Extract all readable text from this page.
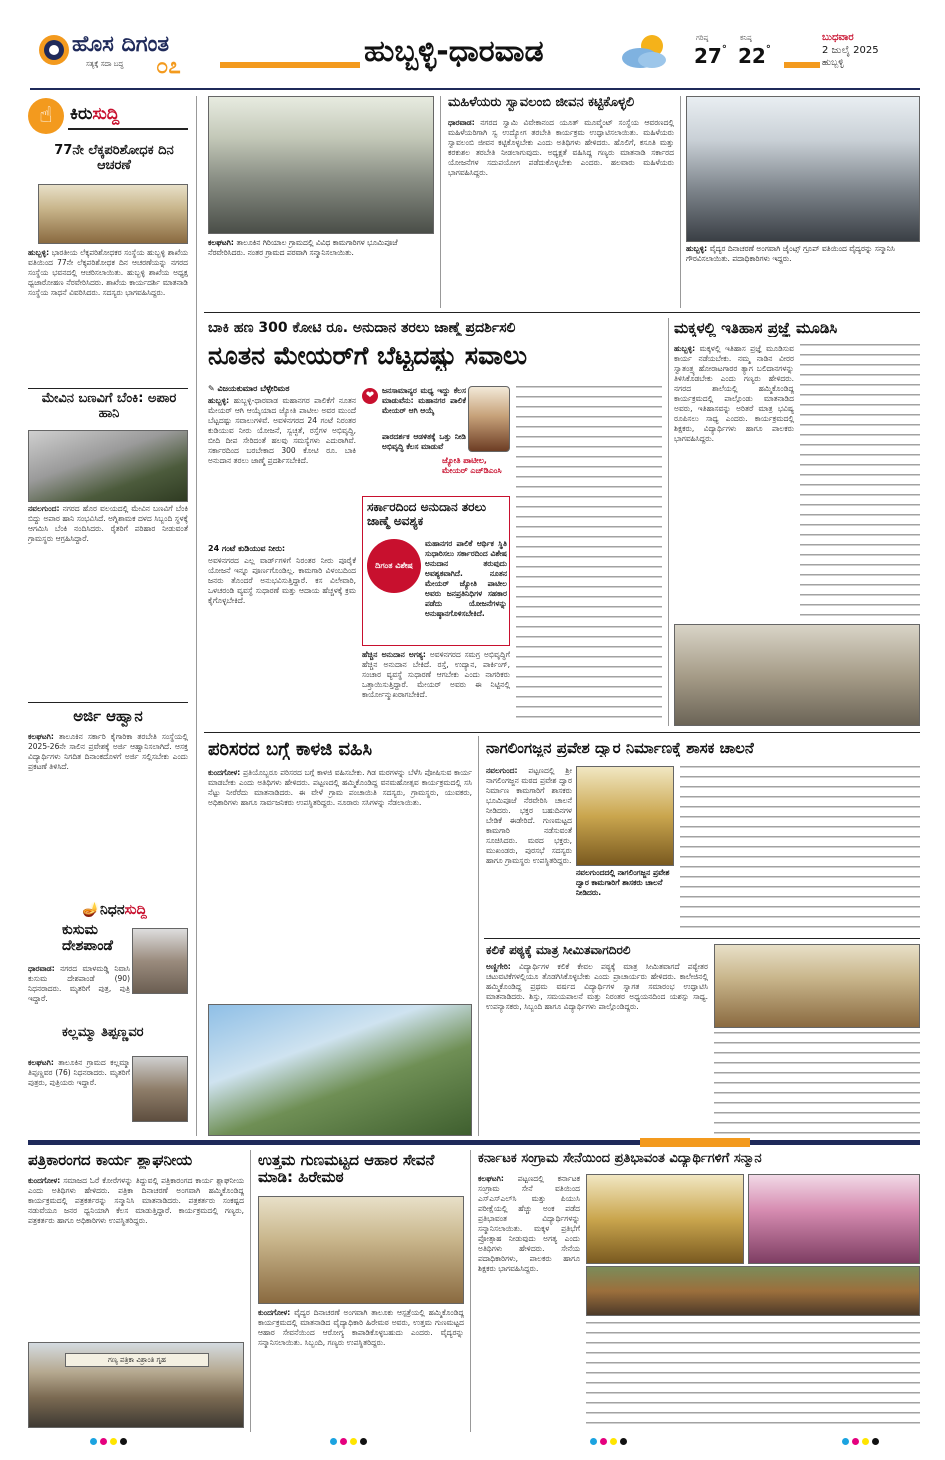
ಹೊಸ ದಿಗಂತ
ಸತ್ಯಕ್ಕೆ ಸದಾ ಬದ್ಧ ೦೭	ಹುಬ್ಬಳ್ಳಿ-ಧಾರವಾಡ	ಗರಿಷ್ಠ
27°
ಕನಿಷ್ಠ
22°
ಬುಧವಾರ
2 ಜುಲೈ 2025
ಹುಬ್ಬಳ್ಳಿ
☝	ಕಿರುಸುದ್ದಿ
77ನೇ ಲೆಕ್ಕಪರಿಶೋಧಕ ದಿನ ಆಚರಣೆ
ಹುಬ್ಬಳ್ಳಿ: ಭಾರತೀಯ ಲೆಕ್ಕಪರಿಶೋಧಕರ ಸಂಸ್ಥೆಯ ಹುಬ್ಬಳ್ಳಿ ಶಾಖೆಯ ವತಿಯಿಂದ 77ನೇ ಲೆಕ್ಕಪರಿಶೋಧಕ ದಿನ ಆಚರಣೆಯನ್ನು ನಗರದ ಸಂಸ್ಥೆಯ ಭವನದಲ್ಲಿ ಆಚರಿಸಲಾಯಿತು. ಹುಬ್ಬಳ್ಳಿ ಶಾಖೆಯ ಅಧ್ಯಕ್ಷ ಧ್ವಜಾರೋಹಣ ನೆರವೇರಿಸಿದರು. ಶಾಖೆಯ ಕಾರ್ಯದರ್ಶಿ ಮಾತನಾಡಿ ಸಂಸ್ಥೆಯ ಸಾಧನೆ ವಿವರಿಸಿದರು. ಸದಸ್ಯರು ಭಾಗವಹಿಸಿದ್ದರು.
ಮೇವಿನ ಬಣವಿಗೆ ಬೆಂಕಿ: ಅಪಾರ ಹಾನಿ
ನವಲಗುಂದ: ನಗರದ ಹೊರ ವಲಯದಲ್ಲಿ ಮೇವಿನ ಬಣವಿಗೆ ಬೆಂಕಿ ಬಿದ್ದು ಅಪಾರ ಹಾನಿ ಸಂಭವಿಸಿದೆ. ಅಗ್ನಿಶಾಮಕ ದಳದ ಸಿಬ್ಬಂದಿ ಸ್ಥಳಕ್ಕೆ ಆಗಮಿಸಿ ಬೆಂಕಿ ನಂದಿಸಿದರು. ರೈತರಿಗೆ ಪರಿಹಾರ ನೀಡುವಂತೆ ಗ್ರಾಮಸ್ಥರು ಆಗ್ರಹಿಸಿದ್ದಾರೆ.
ಅರ್ಜಿ ಆಹ್ವಾನ
ಕಲಘಟಗಿ: ತಾಲೂಕಿನ ಸರ್ಕಾರಿ ಕೈಗಾರಿಕಾ ತರಬೇತಿ ಸಂಸ್ಥೆಯಲ್ಲಿ 2025-26ನೇ ಸಾಲಿನ ಪ್ರವೇಶಕ್ಕೆ ಅರ್ಜಿ ಆಹ್ವಾನಿಸಲಾಗಿದೆ. ಆಸಕ್ತ ವಿದ್ಯಾರ್ಥಿಗಳು ನಿಗದಿತ ದಿನಾಂಕದೊಳಗೆ ಅರ್ಜಿ ಸಲ್ಲಿಸಬೇಕು ಎಂದು ಪ್ರಕಟಣೆ ತಿಳಿಸಿದೆ.
🪔 ನಿಧನಸುದ್ದಿ
ಕುಸುಮ ದೇಶಪಾಂಡೆ
ಧಾರವಾಡ: ನಗರದ ಮಾಳಮಡ್ಡಿ ನಿವಾಸಿ ಕುಸುಮ ದೇಶಪಾಂಡೆ (90) ನಿಧನರಾದರು. ಮೃತರಿಗೆ ಪುತ್ರ, ಪುತ್ರಿ ಇದ್ದಾರೆ.
ಕಲ್ಲಮ್ಮಾ ತಿಪ್ಪಣ್ಣವರ
ಕಲಘಟಗಿ: ತಾಲೂಕಿನ ಗ್ರಾಮದ ಕಲ್ಲಮ್ಮಾ ತಿಪ್ಪಣ್ಣವರ (76) ನಿಧನರಾದರು. ಮೃತರಿಗೆ ಪುತ್ರರು, ಪುತ್ರಿಯರು ಇದ್ದಾರೆ.
ಕಲಘಟಗಿ: ತಾಲೂಕಿನ ಗಿರಿಯಾಲ ಗ್ರಾಮದಲ್ಲಿ ವಿವಿಧ ಕಾಮಗಾರಿಗಳ ಭೂಮಿಪೂಜೆ ನೆರವೇರಿಸಿದರು. ನಂತರ ಗ್ರಾಮದ ಪರವಾಗಿ ಸನ್ಮಾನಿಸಲಾಯಿತು.
ಮಹಿಳೆಯರು ಸ್ವಾವಲಂಬಿ ಜೀವನ ಕಟ್ಟಿಕೊಳ್ಳಲಿ
ಧಾರವಾಡ: ನಗರದ ಸ್ವಾಮಿ ವಿವೇಕಾನಂದ ಯೂತ್ ಮೂವ್ಮೆಂಟ್ ಸಂಸ್ಥೆಯ ಆವರಣದಲ್ಲಿ ಮಹಿಳೆಯರಿಗಾಗಿ ಸ್ವ ಉದ್ಯೋಗ ತರಬೇತಿ ಕಾರ್ಯಕ್ರಮ ಉದ್ಘಾಟಿಸಲಾಯಿತು. ಮಹಿಳೆಯರು ಸ್ವಾವಲಂಬಿ ಜೀವನ ಕಟ್ಟಿಕೊಳ್ಳಬೇಕು ಎಂದು ಅತಿಥಿಗಳು ಹೇಳಿದರು. ಹೊಲಿಗೆ, ಕಸೂತಿ ಮತ್ತು ಕರಕುಶಲ ತರಬೇತಿ ನೀಡಲಾಗುವುದು. ಅಧ್ಯಕ್ಷತೆ ವಹಿಸಿದ್ದ ಗಣ್ಯರು ಮಾತನಾಡಿ ಸರ್ಕಾರದ ಯೋಜನೆಗಳ ಸದುಪಯೋಗ ಪಡೆದುಕೊಳ್ಳಬೇಕು ಎಂದರು. ಹಲವಾರು ಮಹಿಳೆಯರು ಭಾಗವಹಿಸಿದ್ದರು.
ಹುಬ್ಬಳ್ಳಿ: ವೈದ್ಯರ ದಿನಾಚರಣೆ ಅಂಗವಾಗಿ ಜೈಂಟ್ಸ್ ಗ್ರೂಪ್ ವತಿಯಿಂದ ವೈದ್ಯರನ್ನು ಸನ್ಮಾನಿಸಿ ಗೌರವಿಸಲಾಯಿತು. ಪದಾಧಿಕಾರಿಗಳು ಇದ್ದರು.
ಬಾಕಿ ಹಣ 300 ಕೋಟಿ ರೂ. ಅನುದಾನ ತರಲು ಜಾಣ್ಮೆ ಪ್ರದರ್ಶಿಸಲಿ
ನೂತನ ಮೇಯರ್‌ಗೆ ಬೆಟ್ಟದಷ್ಟು ಸವಾಲು
✎ ವಿಜಯಕುಮಾರ ಬೆಳ್ಳೇರಿಮಠ
ಹುಬ್ಬಳ್ಳಿ: ಹುಬ್ಬಳ್ಳಿ-ಧಾರವಾಡ ಮಹಾನಗರ ಪಾಲಿಕೆಗೆ ನೂತನ ಮೇಯರ್ ಆಗಿ ಆಯ್ಕೆಯಾದ ಜ್ಯೋತಿ ಪಾಟೀಲ ಅವರ ಮುಂದೆ ಬೆಟ್ಟದಷ್ಟು ಸವಾಲುಗಳಿವೆ. ಅವಳಿನಗರದ 24 ಗಂಟೆ ನಿರಂತರ ಕುಡಿಯುವ ನೀರು ಯೋಜನೆ, ಸ್ವಚ್ಛತೆ, ರಸ್ತೆಗಳ ಅಭಿವೃದ್ಧಿ, ಬೀದಿ ದೀಪ ಸೇರಿದಂತೆ ಹಲವು ಸಮಸ್ಯೆಗಳು ಎದುರಾಗಿವೆ. ಸರ್ಕಾರದಿಂದ ಬರಬೇಕಾದ 300 ಕೋಟಿ ರೂ. ಬಾಕಿ ಅನುದಾನ ತರಲು ಜಾಣ್ಮೆ ಪ್ರದರ್ಶಿಸಬೇಕಿದೆ.
24 ಗಂಟೆ ಕುಡಿಯುವ ನೀರು:
ಅವಳಿನಗರದ ಎಲ್ಲ ವಾರ್ಡ್‌ಗಳಿಗೆ ನಿರಂತರ ನೀರು ಪೂರೈಕೆ ಯೋಜನೆ ಇನ್ನೂ ಪೂರ್ಣಗೊಂಡಿಲ್ಲ. ಕಾಮಗಾರಿ ವಿಳಂಬದಿಂದ ಜನರು ತೊಂದರೆ ಅನುಭವಿಸುತ್ತಿದ್ದಾರೆ. ಕಸ ವಿಲೇವಾರಿ, ಒಳಚರಂಡಿ ವ್ಯವಸ್ಥೆ ಸುಧಾರಣೆ ಮತ್ತು ಆದಾಯ ಹೆಚ್ಚಳಕ್ಕೆ ಕ್ರಮ ಕೈಗೊಳ್ಳಬೇಕಿದೆ.
❤	ಜನಸಾಮಾನ್ಯರ ಮಧ್ಯ ಇದ್ದು ಕೆಲಸ ಮಾಡುವೆನು: ಮಹಾನಗರ ಪಾಲಿಕೆ ಮೇಯರ್ ಆಗಿ ಆಯ್ಕೆ
ಪಾರದರ್ಶಕ ಆಡಳಿತಕ್ಕೆ ಒತ್ತು ನೀಡಿ ಅಭಿವೃದ್ಧಿ ಕೆಲಸ ಮಾಡುವೆ
ಜ್ಯೋತಿ ಪಾಟೀಲ, ಮೇಯರ್ ಎಚ್‌ಡಿಎಂಸಿ
ಸರ್ಕಾರದಿಂದ ಅನುದಾನ ತರಲು ಜಾಣ್ಮೆ ಅವಶ್ಯಕ
ದಿಗಂತ ವಿಶೇಷ
ಮಹಾನಗರ ಪಾಲಿಕೆ ಆರ್ಥಿಕ ಸ್ಥಿತಿ ಸುಧಾರಿಸಲು ಸರ್ಕಾರದಿಂದ ವಿಶೇಷ ಅನುದಾನ ತರುವುದು ಅವಶ್ಯಕವಾಗಿದೆ. ನೂತನ ಮೇಯರ್ ಜ್ಯೋತಿ ಪಾಟೀಲ ಅವರು ಜನಪ್ರತಿನಿಧಿಗಳ ಸಹಕಾರ ಪಡೆದು ಯೋಜನೆಗಳನ್ನು ಅನುಷ್ಠಾನಗೊಳಿಸಬೇಕಿದೆ.
ಹೆಚ್ಚಿನ ಅನುದಾನ ಅಗತ್ಯ: ಅವಳಿನಗರದ ಸಮಗ್ರ ಅಭಿವೃದ್ಧಿಗೆ ಹೆಚ್ಚಿನ ಅನುದಾನ ಬೇಕಿದೆ. ರಸ್ತೆ, ಉದ್ಯಾನ, ಪಾರ್ಕಿಂಗ್, ಸಂಚಾರ ವ್ಯವಸ್ಥೆ ಸುಧಾರಣೆ ಆಗಬೇಕು ಎಂದು ನಾಗರಿಕರು ಒತ್ತಾಯಿಸುತ್ತಿದ್ದಾರೆ. ಮೇಯರ್ ಅವರು ಈ ನಿಟ್ಟಿನಲ್ಲಿ ಕಾರ್ಯೋನ್ಮುಖರಾಗಬೇಕಿದೆ.
ಮಕ್ಕಳಲ್ಲಿ ಇತಿಹಾಸ ಪ್ರಜ್ಞೆ ಮೂಡಿಸಿ
ಹುಬ್ಬಳ್ಳಿ: ಮಕ್ಕಳಲ್ಲಿ ಇತಿಹಾಸ ಪ್ರಜ್ಞೆ ಮೂಡಿಸುವ ಕಾರ್ಯ ನಡೆಯಬೇಕು. ನಮ್ಮ ನಾಡಿನ ವೀರರ ಸ್ವಾತಂತ್ರ್ಯ ಹೋರಾಟಗಾರರ ತ್ಯಾಗ ಬಲಿದಾನಗಳನ್ನು ತಿಳಿಸಿಕೊಡಬೇಕು ಎಂದು ಗಣ್ಯರು ಹೇಳಿದರು. ನಗರದ ಶಾಲೆಯಲ್ಲಿ ಹಮ್ಮಿಕೊಂಡಿದ್ದ ಕಾರ್ಯಕ್ರಮದಲ್ಲಿ ಪಾಲ್ಗೊಂಡು ಮಾತನಾಡಿದ ಅವರು, ಇತಿಹಾಸವನ್ನು ಅರಿತರೆ ಮಾತ್ರ ಭವಿಷ್ಯ ರೂಪಿಸಲು ಸಾಧ್ಯ ಎಂದರು. ಕಾರ್ಯಕ್ರಮದಲ್ಲಿ ಶಿಕ್ಷಕರು, ವಿದ್ಯಾರ್ಥಿಗಳು ಹಾಗೂ ಪಾಲಕರು ಭಾಗವಹಿಸಿದ್ದರು.
ಪರಿಸರದ ಬಗ್ಗೆ ಕಾಳಜಿ ವಹಿಸಿ
ಕುಂದಗೋಳ: ಪ್ರತಿಯೊಬ್ಬರೂ ಪರಿಸರದ ಬಗ್ಗೆ ಕಾಳಜಿ ವಹಿಸಬೇಕು. ಗಿಡ ಮರಗಳನ್ನು ಬೆಳೆಸಿ ಪೋಷಿಸುವ ಕಾರ್ಯ ಮಾಡಬೇಕು ಎಂದು ಅತಿಥಿಗಳು ಹೇಳಿದರು. ಪಟ್ಟಣದಲ್ಲಿ ಹಮ್ಮಿಕೊಂಡಿದ್ದ ವನಮಹೋತ್ಸವ ಕಾರ್ಯಕ್ರಮದಲ್ಲಿ ಸಸಿ ನೆಟ್ಟು ನೀರೆರೆದು ಮಾತನಾಡಿದರು. ಈ ವೇಳೆ ಗ್ರಾಮ ಪಂಚಾಯಿತಿ ಸದಸ್ಯರು, ಗ್ರಾಮಸ್ಥರು, ಯುವಕರು, ಅಧಿಕಾರಿಗಳು ಹಾಗೂ ಸಾರ್ವಜನಿಕರು ಉಪಸ್ಥಿತರಿದ್ದರು. ನೂರಾರು ಸಸಿಗಳನ್ನು ನೆಡಲಾಯಿತು.
ನಾಗಲಿಂಗಜ್ಜನ ಪ್ರವೇಶ ದ್ವಾರ ನಿರ್ಮಾಣಕ್ಕೆ ಶಾಸಕ ಚಾಲನೆ
ನವಲಗುಂದ: ಪಟ್ಟಣದಲ್ಲಿ ಶ್ರೀ ನಾಗಲಿಂಗಜ್ಜನ ಮಠದ ಪ್ರವೇಶ ದ್ವಾರ ನಿರ್ಮಾಣ ಕಾಮಗಾರಿಗೆ ಶಾಸಕರು ಭೂಮಿಪೂಜೆ ನೆರವೇರಿಸಿ ಚಾಲನೆ ನೀಡಿದರು. ಭಕ್ತರ ಬಹುದಿನಗಳ ಬೇಡಿಕೆ ಈಡೇರಿದೆ. ಗುಣಮಟ್ಟದ ಕಾಮಗಾರಿ ನಡೆಸುವಂತೆ ಸೂಚಿಸಿದರು. ಮಠದ ಭಕ್ತರು, ಮುಖಂಡರು, ಪುರಸಭೆ ಸದಸ್ಯರು ಹಾಗೂ ಗ್ರಾಮಸ್ಥರು ಉಪಸ್ಥಿತರಿದ್ದರು.
ನವಲಗುಂದದಲ್ಲಿ ನಾಗಲಿಂಗಜ್ಜನ ಪ್ರವೇಶ ದ್ವಾರ ಕಾಮಗಾರಿಗೆ ಶಾಸಕರು ಚಾಲನೆ ನೀಡಿದರು.
ಕಲಿಕೆ ಪಠ್ಯಕ್ಕೆ ಮಾತ್ರ ಸೀಮಿತವಾಗದಿರಲಿ
ಅಣ್ಣಿಗೇರಿ: ವಿದ್ಯಾರ್ಥಿಗಳ ಕಲಿಕೆ ಕೇವಲ ಪಠ್ಯಕ್ಕೆ ಮಾತ್ರ ಸೀಮಿತವಾಗದೆ ಪಠ್ಯೇತರ ಚಟುವಟಿಕೆಗಳಲ್ಲಿಯೂ ತೊಡಗಿಸಿಕೊಳ್ಳಬೇಕು ಎಂದು ಪ್ರಾಚಾರ್ಯರು ಹೇಳಿದರು. ಕಾಲೇಜಿನಲ್ಲಿ ಹಮ್ಮಿಕೊಂಡಿದ್ದ ಪ್ರಥಮ ವರ್ಷದ ವಿದ್ಯಾರ್ಥಿಗಳ ಸ್ವಾಗತ ಸಮಾರಂಭ ಉದ್ಘಾಟಿಸಿ ಮಾತನಾಡಿದರು. ಶಿಸ್ತು, ಸಮಯಪಾಲನೆ ಮತ್ತು ನಿರಂತರ ಅಧ್ಯಯನದಿಂದ ಯಶಸ್ಸು ಸಾಧ್ಯ. ಉಪನ್ಯಾಸಕರು, ಸಿಬ್ಬಂದಿ ಹಾಗೂ ವಿದ್ಯಾರ್ಥಿಗಳು ಪಾಲ್ಗೊಂಡಿದ್ದರು.
ಪತ್ರಿಕಾರಂಗದ ಕಾರ್ಯ ಶ್ಲಾಘನೀಯ
ಕುಂದಗೋಳ: ಸಮಾಜದ ಓರೆ ಕೋರೆಗಳನ್ನು ತಿದ್ದುವಲ್ಲಿ ಪತ್ರಿಕಾರಂಗದ ಕಾರ್ಯ ಶ್ಲಾಘನೀಯ ಎಂದು ಅತಿಥಿಗಳು ಹೇಳಿದರು. ಪತ್ರಿಕಾ ದಿನಾಚರಣೆ ಅಂಗವಾಗಿ ಹಮ್ಮಿಕೊಂಡಿದ್ದ ಕಾರ್ಯಕ್ರಮದಲ್ಲಿ ಪತ್ರಕರ್ತರನ್ನು ಸನ್ಮಾನಿಸಿ ಮಾತನಾಡಿದರು. ಪತ್ರಕರ್ತರು ಸಂಕಷ್ಟದ ನಡುವೆಯೂ ಜನರ ಧ್ವನಿಯಾಗಿ ಕೆಲಸ ಮಾಡುತ್ತಿದ್ದಾರೆ. ಕಾರ್ಯಕ್ರಮದಲ್ಲಿ ಗಣ್ಯರು, ಪತ್ರಕರ್ತರು ಹಾಗೂ ಅಧಿಕಾರಿಗಳು ಉಪಸ್ಥಿತರಿದ್ದರು.
ಗಣ್ಯ ಪತ್ರಿಕಾ ವಿಶ್ರಾಂತಿ ಗೃಹ
ಉತ್ತಮ ಗುಣಮಟ್ಟದ ಆಹಾರ ಸೇವನೆ ಮಾಡಿ: ಹಿರೇಮಠ
ಕುಂದಗೋಳ: ವೈದ್ಯರ ದಿನಾಚರಣೆ ಅಂಗವಾಗಿ ತಾಲೂಕು ಆಸ್ಪತ್ರೆಯಲ್ಲಿ ಹಮ್ಮಿಕೊಂಡಿದ್ದ ಕಾರ್ಯಕ್ರಮದಲ್ಲಿ ಮಾತನಾಡಿದ ವೈದ್ಯಾಧಿಕಾರಿ ಹಿರೇಮಠ ಅವರು, ಉತ್ತಮ ಗುಣಮಟ್ಟದ ಆಹಾರ ಸೇವನೆಯಿಂದ ಆರೋಗ್ಯ ಕಾಪಾಡಿಕೊಳ್ಳಬಹುದು ಎಂದರು. ವೈದ್ಯರನ್ನು ಸನ್ಮಾನಿಸಲಾಯಿತು. ಸಿಬ್ಬಂದಿ, ಗಣ್ಯರು ಉಪಸ್ಥಿತರಿದ್ದರು.
ಕರ್ನಾಟಕ ಸಂಗ್ರಾಮ ಸೇನೆಯಿಂದ ಪ್ರತಿಭಾವಂತ ವಿದ್ಯಾರ್ಥಿಗಳಿಗೆ ಸನ್ಮಾನ
ಕಲಘಟಗಿ: ಪಟ್ಟಣದಲ್ಲಿ ಕರ್ನಾಟಕ ಸಂಗ್ರಾಮ ಸೇನೆ ವತಿಯಿಂದ ಎಸ್‌ಎಸ್‌ಎಲ್‌ಸಿ ಮತ್ತು ಪಿಯುಸಿ ಪರೀಕ್ಷೆಯಲ್ಲಿ ಹೆಚ್ಚು ಅಂಕ ಪಡೆದ ಪ್ರತಿಭಾವಂತ ವಿದ್ಯಾರ್ಥಿಗಳನ್ನು ಸನ್ಮಾನಿಸಲಾಯಿತು. ಮಕ್ಕಳ ಪ್ರತಿಭೆಗೆ ಪ್ರೋತ್ಸಾಹ ನೀಡುವುದು ಅಗತ್ಯ ಎಂದು ಅತಿಥಿಗಳು ಹೇಳಿದರು. ಸೇನೆಯ ಪದಾಧಿಕಾರಿಗಳು, ಪಾಲಕರು ಹಾಗೂ ಶಿಕ್ಷಕರು ಭಾಗವಹಿಸಿದ್ದರು.
